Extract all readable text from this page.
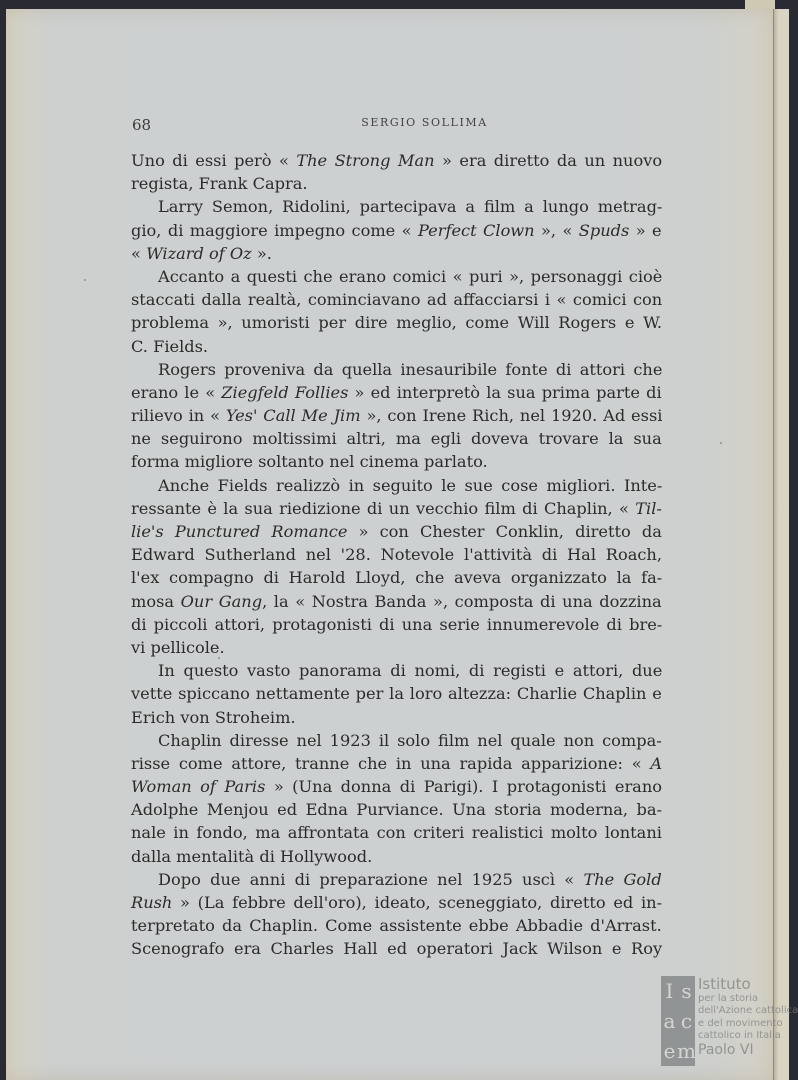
68	SERGIO SOLLIMA
Uno di essi però « The Strong Man » era diretto da un nuovo
regista, Frank Capra.
Larry Semon, Ridolini, partecipava a film a lungo metrag-
gio, di maggiore impegno come « Perfect Clown », « Spuds » e
« Wizard of Oz ».
Accanto a questi che erano comici « puri », personaggi cioè
staccati dalla realtà, cominciavano ad affacciarsi i « comici con
problema », umoristi per dire meglio, come Will Rogers e W.
C. Fields.
Rogers proveniva da quella inesauribile fonte di attori che
erano le « Ziegfeld Follies » ed interpretò la sua prima parte di
rilievo in « Yes' Call Me Jim », con Irene Rich, nel 1920. Ad essi
ne seguirono moltissimi altri, ma egli doveva trovare la sua
forma migliore soltanto nel cinema parlato.
Anche Fields realizzò in seguito le sue cose migliori. Inte-
ressante è la sua riedizione di un vecchio film di Chaplin, « Til-
lie's Punctured Romance » con Chester Conklin, diretto da
Edward Sutherland nel '28. Notevole l'attività di Hal Roach,
l'ex compagno di Harold Lloyd, che aveva organizzato la fa-
mosa Our Gang, la « Nostra Banda », composta di una dozzina
di piccoli attori, protagonisti di una serie innumerevole di bre-
vi pellicole.
In questo vasto panorama di nomi, di registi e attori, due
vette spiccano nettamente per la loro altezza: Charlie Chaplin e
Erich von Stroheim.
Chaplin diresse nel 1923 il solo film nel quale non compa-
risse come attore, tranne che in una rapida apparizione: « A
Woman of Paris » (Una donna di Parigi). I protagonisti erano
Adolphe Menjou ed Edna Purviance. Una storia moderna, ba-
nale in fondo, ma affrontata con criteri realistici molto lontani
dalla mentalità di Hollywood.
Dopo due anni di preparazione nel 1925 uscì « The Gold
Rush » (La febbre dell'oro), ideato, sceneggiato, diretto ed in-
terpretato da Chaplin. Come assistente ebbe Abbadie d'Arrast.
Scenografo era Charles Hall ed operatori Jack Wilson e Roy
I s
a c
e m
Istituto
per la storia
dell'Azione cattolica
e del movimento
cattolico in Italia
Paolo VI
